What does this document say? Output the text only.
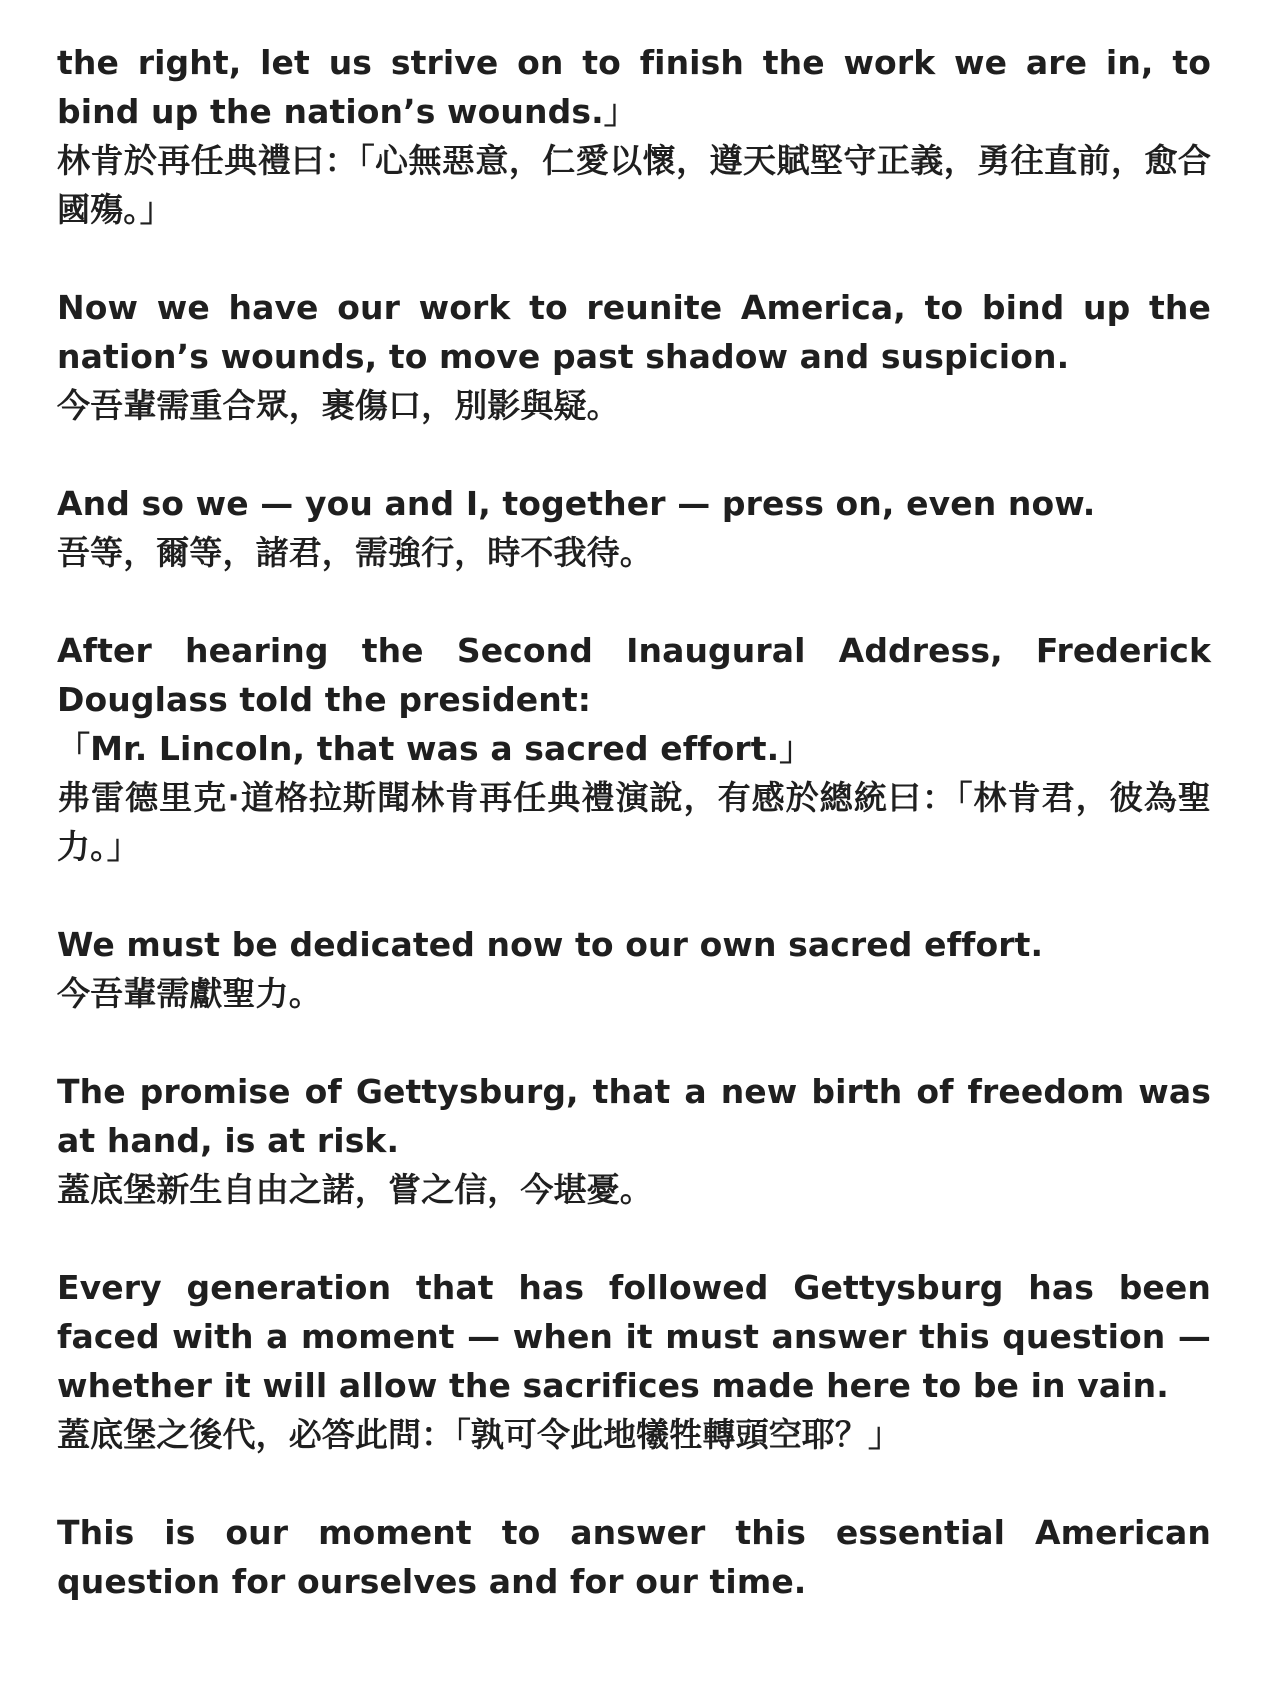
the right, let us strive on to finish the work we are in, to bind up the nation’s wounds.」

林肯於再任典禮曰：「心無惡意，仁愛以懷，遵天賦堅守正義，勇往直前，愈合國殤。」

Now we have our work to reunite America, to bind up the nation’s wounds, to move past shadow and suspicion.

今吾輩需重合眾，裹傷口，別影與疑。

And so we — you and I, together — press on, even now.

吾等，爾等，諸君，需強行，時不我待。

After hearing the Second Inaugural Address, Frederick Douglass told the president:

「Mr. Lincoln, that was a sacred effort.」

弗雷德里克·道格拉斯聞林肯再任典禮演說，有感於總統曰：「林肯君，彼為聖力。」

We must be dedicated now to our own sacred effort.

今吾輩需獻聖力。

The promise of Gettysburg, that a new birth of freedom was at hand, is at risk.

蓋底堡新生自由之諾，嘗之信，今堪憂。

Every generation that has followed Gettysburg has been faced with a moment — when it must answer this question — whether it will allow the sacrifices made here to be in vain.

蓋底堡之後代，必答此問：「孰可令此地犧牲轉頭空耶？」

This is our moment to answer this essential American question for ourselves and for our time.
